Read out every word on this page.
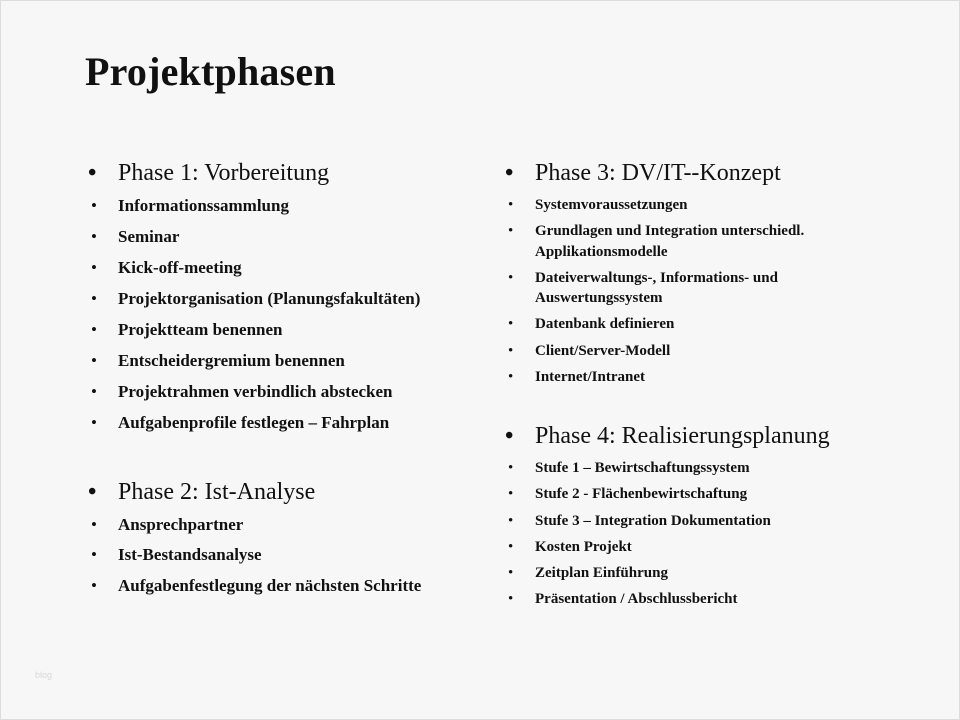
Projektphasen
• Phase 1: Vorbereitung
• Informationssammlung
• Seminar
• Kick-off-meeting
• Projektorganisation (Planungsfakultäten)
• Projektteam benennen
• Entscheidergremium benennen
• Projektrahmen verbindlich abstecken
• Aufgabenprofile festlegen – Fahrplan
• Phase 2: Ist-Analyse
• Ansprechpartner
• Ist-Bestandsanalyse
• Aufgabenfestlegung der nächsten Schritte
• Phase 3: DV/IT--Konzept
• Systemvoraussetzungen
• Grundlagen und Integration unterschiedl. Applikationsmodelle
• Dateiverwaltungs-, Informations- und Auswertungssystem
• Datenbank definieren
• Client/Server-Modell
• Internet/Intranet
• Phase 4: Realisierungsplanung
• Stufe 1 – Bewirtschaftungssystem
• Stufe 2 - Flächenbewirtschaftung
• Stufe 3 – Integration Dokumentation
• Kosten Projekt
• Zeitplan Einführung
• Präsentation / Abschlussbericht
blog
